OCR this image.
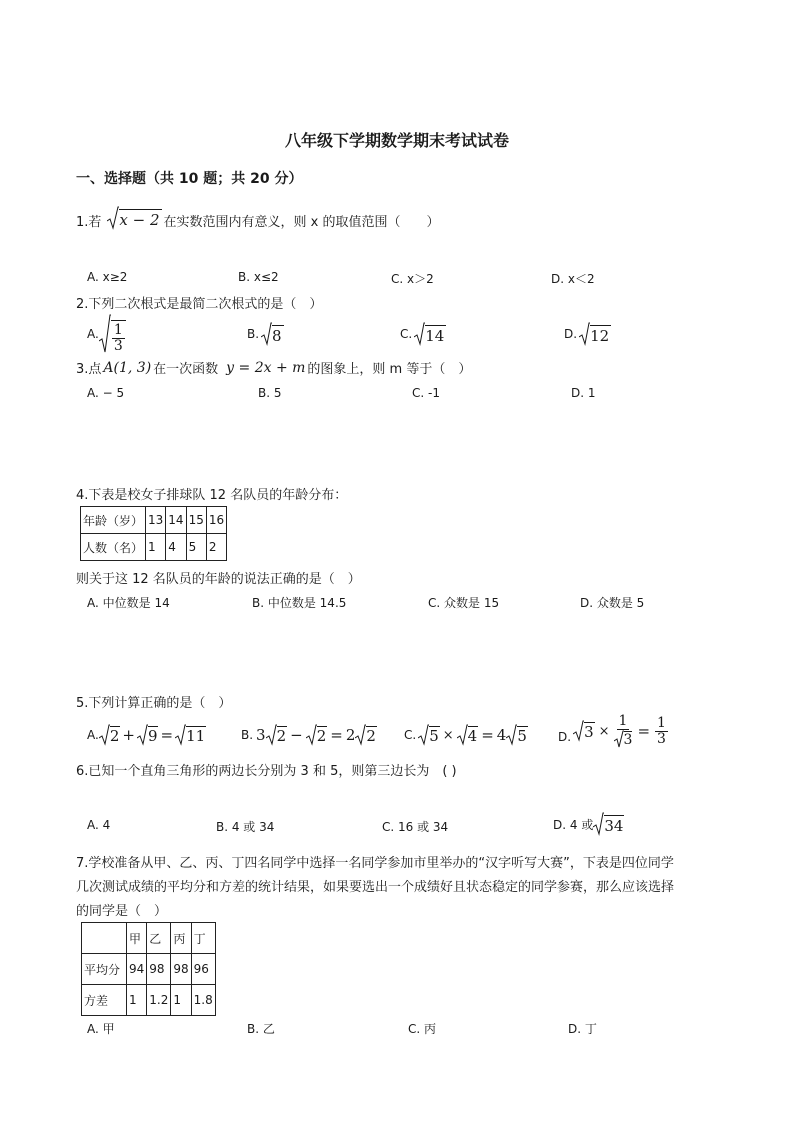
八年级下学期数学期末考试试卷
一、选择题（共 10 题；共 20 分）
1.若 x − 2 在实数范围内有意义，则 x 的取值范围（　　）
A. x≥2	B. x≤2	C. x＞2	D. x＜2
2.下列二次根式是最简二次根式的是（　）
A. $\frac{1}{3}$	B. 8	C. 14	D. 12
3.点 A(1, 3) 在一次函数 y = 2x + m 的图象上，则 m 等于（　）
A. − 5	B. 5	C. -1	D. 1
4.下表是校女子排球队 12 名队员的年龄分布：
年龄（岁）	13	14	15	16
人数（名）	1	4	5	2
则关于这 12 名队员的年龄的说法正确的是（　）
A. 中位数是 14	B. 中位数是 14.5	C. 众数是 15	D. 众数是 5
5.下列计算正确的是（　）
A. 2 + 9 = 11	B. 3 2 − 2 = 2 2 C. 5 × 4 = 4 5	D. $3 \times \frac{1}{3} = \frac{1}{3}$
6.已知一个直角三角形的两边长分别为 3 和 5，则第三边长为　( )
A. 4	B. 4 或 34	C. 16 或 34	D. 4 或 34
7.学校准备从甲、乙、丙、丁四名同学中选择一名同学参加市里举办的“汉字听写大赛”，下表是四位同学
几次测试成绩的平均分和方差的统计结果，如果要选出一个成绩好且状态稳定的同学参赛，那么应该选择
的同学是（　）
	甲	乙	丙	丁
平均分	94	98	98	96
方差	1	1.2	1	1.8
A. 甲	B. 乙	C. 丙	D. 丁
